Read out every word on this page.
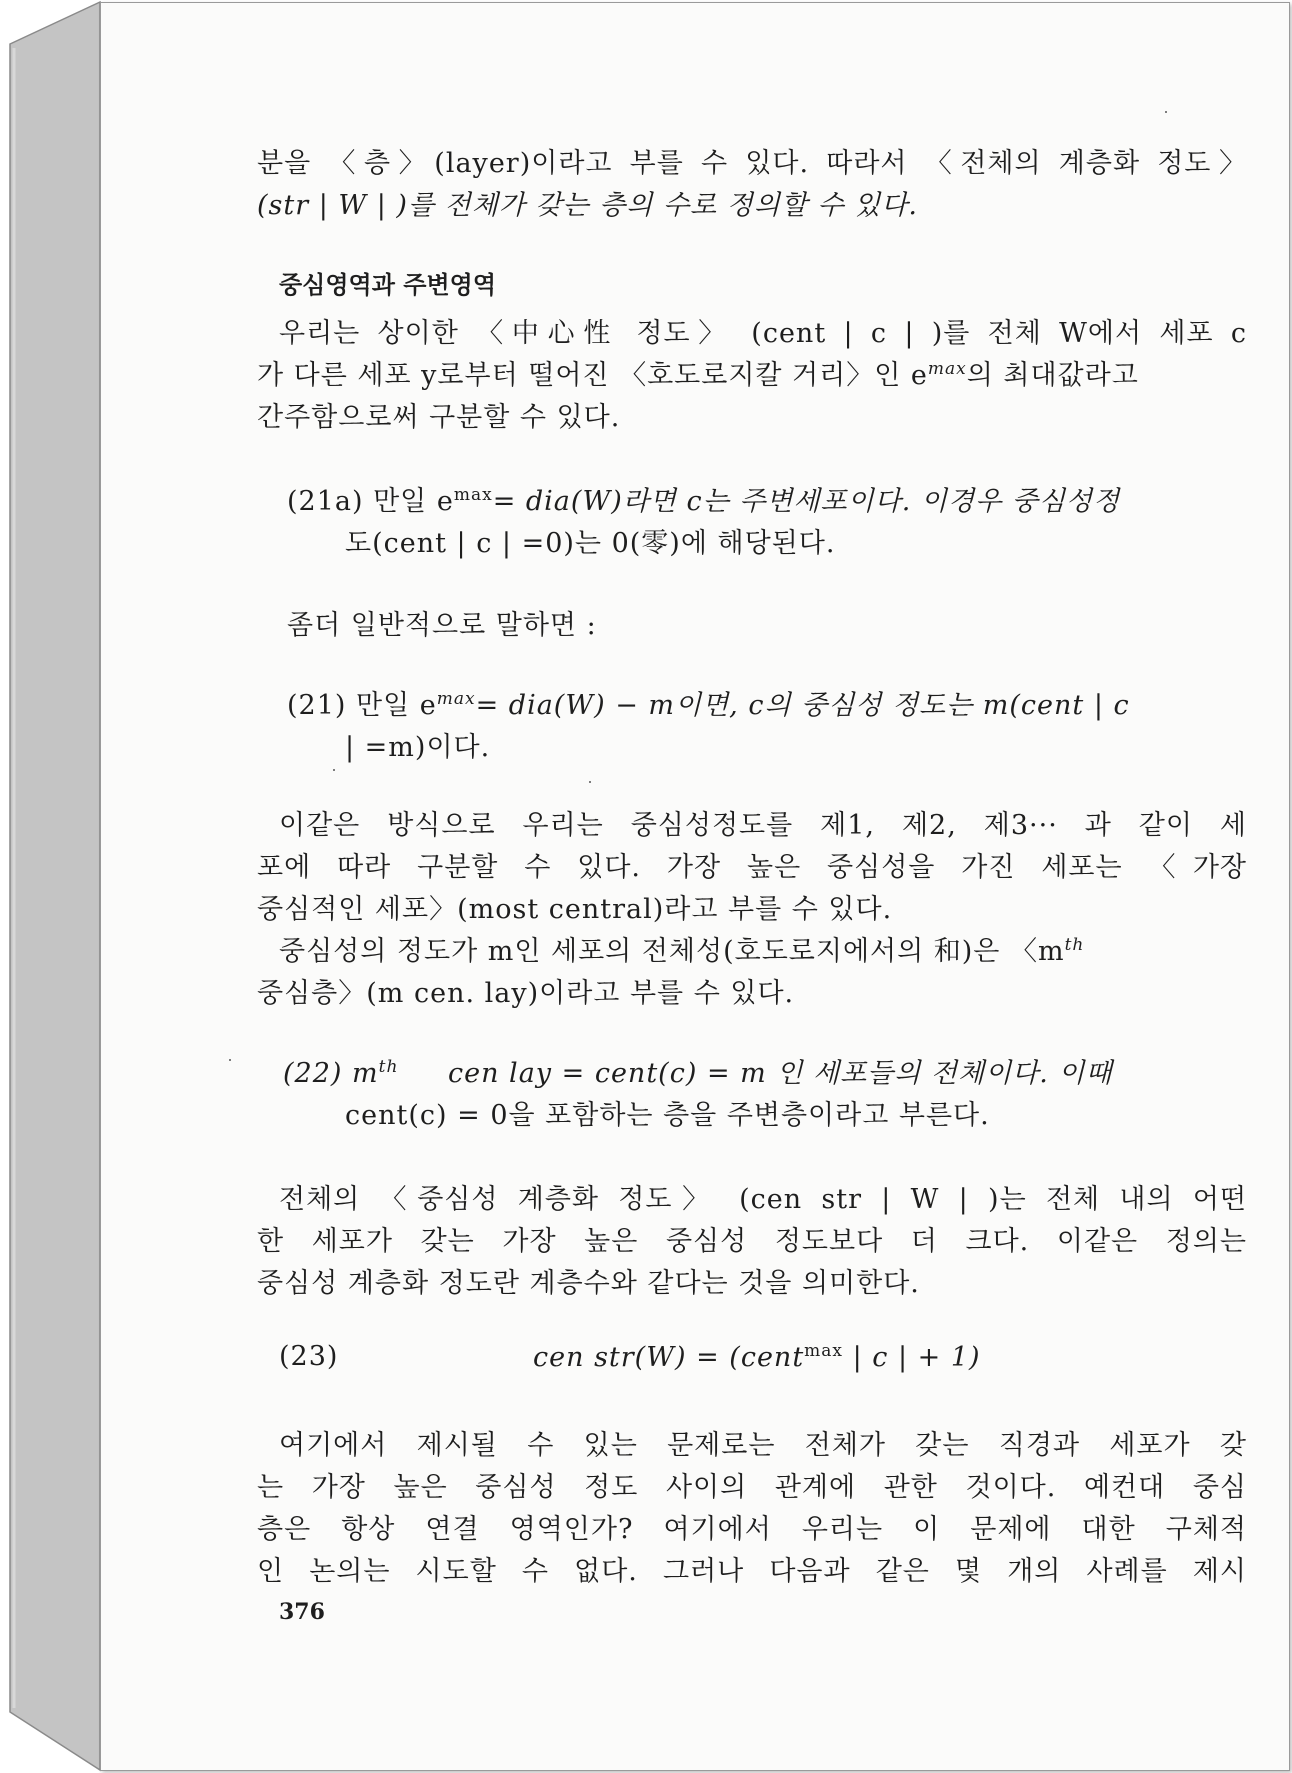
분을 〈층〉(layer)이라고 부를 수 있다. 따라서 〈전체의 계층화 정도〉
(str | W | )를 전체가 갖는 층의 수로 정의할 수 있다.
중심영역과 주변영역
우리는 상이한 〈中心性 정도〉 (cent | c | )를 전체 W에서 세포 c
가 다른 세포 y로부터 떨어진 〈호도로지칼 거리〉인 $e^{max}$의 최대값라고
간주함으로써 구분할 수 있다.
(21a) 만일 $e^{max}= dia(W)$라면 c는 주변세포이다. 이경우 중심성정
도(cent | c | =0)는 0(零)에 해당된다.
좀더 일반적으로 말하면 :
(21) 만일 $e^{max}= dia(W) - m$이면, c의 중심성 정도는 m(cent | c
| =m)이다.
이같은 방식으로 우리는 중심성정도를 제1, 제2, 제3··· 과 같이 세
포에 따라 구분할 수 있다. 가장 높은 중심성을 가진 세포는 〈가장
중심적인 세포〉(most central)라고 부를 수 있다.
중심성의 정도가 m인 세포의 전체성(호도로지에서의 和)은 〈$m^{th}$
중심층〉(m cen. lay)이라고 부를 수 있다.
(22) $m^{th}$ cen lay = cent(c) = m 인 세포들의 전체이다. 이때
cent(c) = 0을 포함하는 층을 주변층이라고 부른다.
전체의 〈중심성 계층화 정도〉 (cen str | W | )는 전체 내의 어떤
한 세포가 갖는 가장 높은 중심성 정도보다 더 크다. 이같은 정의는
중심성 계층화 정도란 계층수와 같다는 것을 의미한다.
(23)	cen str(W) = (cent$^{max}$ | c | + 1)
여기에서 제시될 수 있는 문제로는 전체가 갖는 직경과 세포가 갖
는 가장 높은 중심성 정도 사이의 관계에 관한 것이다. 예컨대 중심
층은 항상 연결 영역인가? 여기에서 우리는 이 문제에 대한 구체적
인 논의는 시도할 수 없다. 그러나 다음과 같은 몇 개의 사례를 제시
376
